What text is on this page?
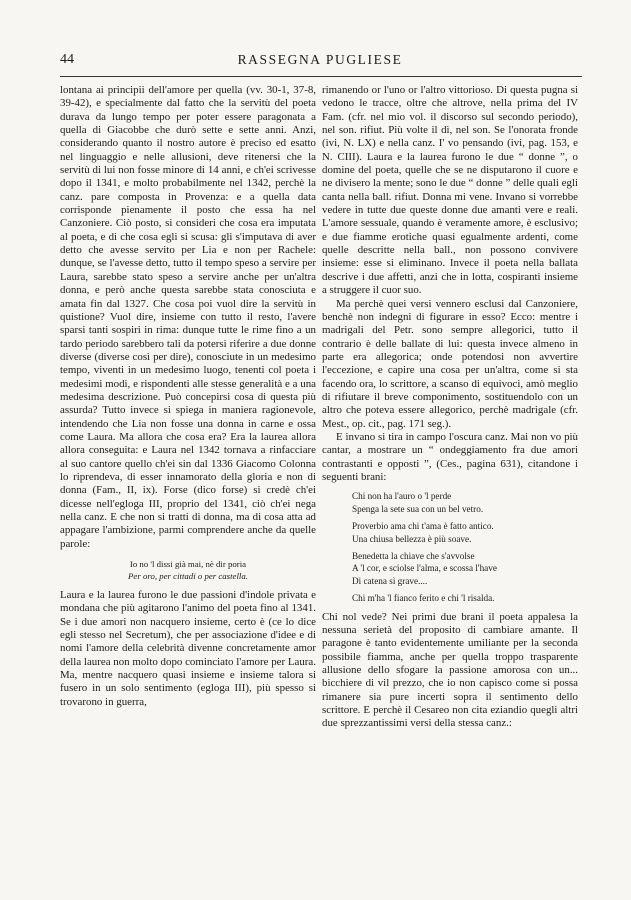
44	RASSEGNA PUGLIESE

lontana ai principii dell'amore per quella (vv. 30-1, 37-8, 39-42), e specialmente dal fatto che la servitù del poeta durava da lungo tempo per poter essere paragonata a quella di Giacobbe che durò sette e sette anni. Anzi, considerando quanto il nostro autore è preciso ed esatto nel linguaggio e nelle allusioni, deve ritenersi che la servitù di lui non fosse minore di 14 anni, e ch'ei scrivesse dopo il 1341, e molto probabilmente nel 1342, perchè la canz. pare composta in Provenza: e a quella data corrisponde pienamente il posto che essa ha nel Canzoniere. Ciò posto, si consideri che cosa era imputata al poeta, e di che cosa egli si scusa: gli s'imputava di aver detto che avesse servito per Lia e non per Rachele: dunque, se l'avesse detto, tutto il tempo speso a servire per Laura, sarebbe stato speso a servire anche per un'altra donna, e però anche questa sarebbe stata conosciuta e amata fin dal 1327. Che cosa poi vuol dire la servitù in quistione? Vuol dire, insieme con tutto il resto, l'avere sparsi tanti sospiri in rima: dunque tutte le rime fino a un tardo periodo sarebbero tali da potersi riferire a due donne diverse (diverse così per dire), conosciute in un medesimo tempo, viventi in un medesimo luogo, tenenti col poeta i medesimi modi, e rispondenti alle stesse generalità e a una medesima descrizione. Può concepirsi cosa di questa più assurda? Tutto invece si spiega in maniera ragionevole, intendendo che Lia non fosse una donna in carne e ossa come Laura. Ma allora che cosa era? Era la laurea allora allora conseguita: e Laura nel 1342 tornava a rinfacciare al suo cantore quello ch'ei sin dal 1336 Giacomo Colonna lo riprendeva, di esser innamorato della gloria e non di donna (Fam., II, ix). Forse (dico forse) si credè ch'ei dicesse nell'egloga III, proprio del 1341, ciò ch'ei nega nella canz. E che non si tratti di donna, ma di cosa atta ad appagare l'ambizione, parmi comprendere anche da quelle parole:

Io no 'l dissi già mai, nè dir poria
Per oro, per cittadi o per castella.

Laura e la laurea furono le due passioni d'indole privata e mondana che più agitarono l'animo del poeta fino al 1341. Se i due amori non nacquero insieme, certo è (ce lo dice egli stesso nel Secretum), che per associazione d'idee e di nomi l'amore della celebrità divenne concretamente amor della laurea non molto dopo cominciato l'amore per Laura. Ma, mentre nacquero quasi insieme e insieme talora si fusero in un solo sentimento (egloga III), più spesso si trovarono in guerra,

rimanendo or l'uno or l'altro vittorioso. Di questa pugna si vedono le tracce, oltre che altrove, nella prima del IV Fam. (cfr. nel mio vol. il discorso sul secondo periodo), nel son. rifiut. Più volte il dì, nel son. Se l'onorata fronde (ivi, N. LX) e nella canz. I' vo pensando (ivi, pag. 153, e N. CIII). Laura e la laurea furono le due “ donne ”, o domine del poeta, quelle che se ne disputarono il cuore e ne divisero la mente; sono le due “ donne ” delle quali egli canta nella ball. rifiut. Donna mi vene. Invano si vorrebbe vedere in tutte due queste donne due amanti vere e reali. L'amore sessuale, quando è veramente amore, è esclusivo; e due fiamme erotiche quasi egualmente ardenti, come quelle descritte nella ball., non possono convivere insieme: esse si eliminano. Invece il poeta nella ballata descrive i due affetti, anzi che in lotta, cospiranti insieme a struggere il cuor suo.

Ma perchè quei versi vennero esclusi dal Canzoniere, benchè non indegni di figurare in esso? Ecco: mentre i madrigali del Petr. sono sempre allegorici, tutto il contrario è delle ballate di lui: questa invece almeno in parte era allegorica; onde potendosi non avvertire l'eccezione, e capire una cosa per un'altra, come si sta facendo ora, lo scrittore, a scanso di equivoci, amò meglio di rifiutare il breve componimento, sostituendolo con un altro che poteva essere allegorico, perchè madrigale (cfr. Mest., op. cit., pag. 171 seg.).

E invano si tira in campo l'oscura canz. Mai non vo più cantar, a mostrare un “ ondeggiamento fra due amori contrastanti e opposti ”, (Ces., pagina 631), citandone i seguenti brani:

Chi non ha l'auro o 'l perde
Spenga la sete sua con un bel vetro.
Proverbio ama chi t'ama è fatto antico.
Una chiusa bellezza è più soave.
Benedetta la chiave che s'avvolse
A 'l cor, e sciolse l'alma, e scossa l'have
Di catena sì grave....
Chi m'ha 'l fianco ferito e chi 'l risalda.

Chi nol vede? Nei primi due brani il poeta appalesa la nessuna serietà del proposito di cambiare amante. Il paragone è tanto evidentemente umiliante per la seconda possibile fiamma, anche per quella troppo trasparente allusione dello sfogare la passione amorosa con un... bicchiere di vil prezzo, che io non capisco come si possa rimanere sia pure incerti sopra il sentimento dello scrittore. E perchè il Cesareo non cita eziandio quegli altri due sprezzantissimi versi della stessa canz.:
